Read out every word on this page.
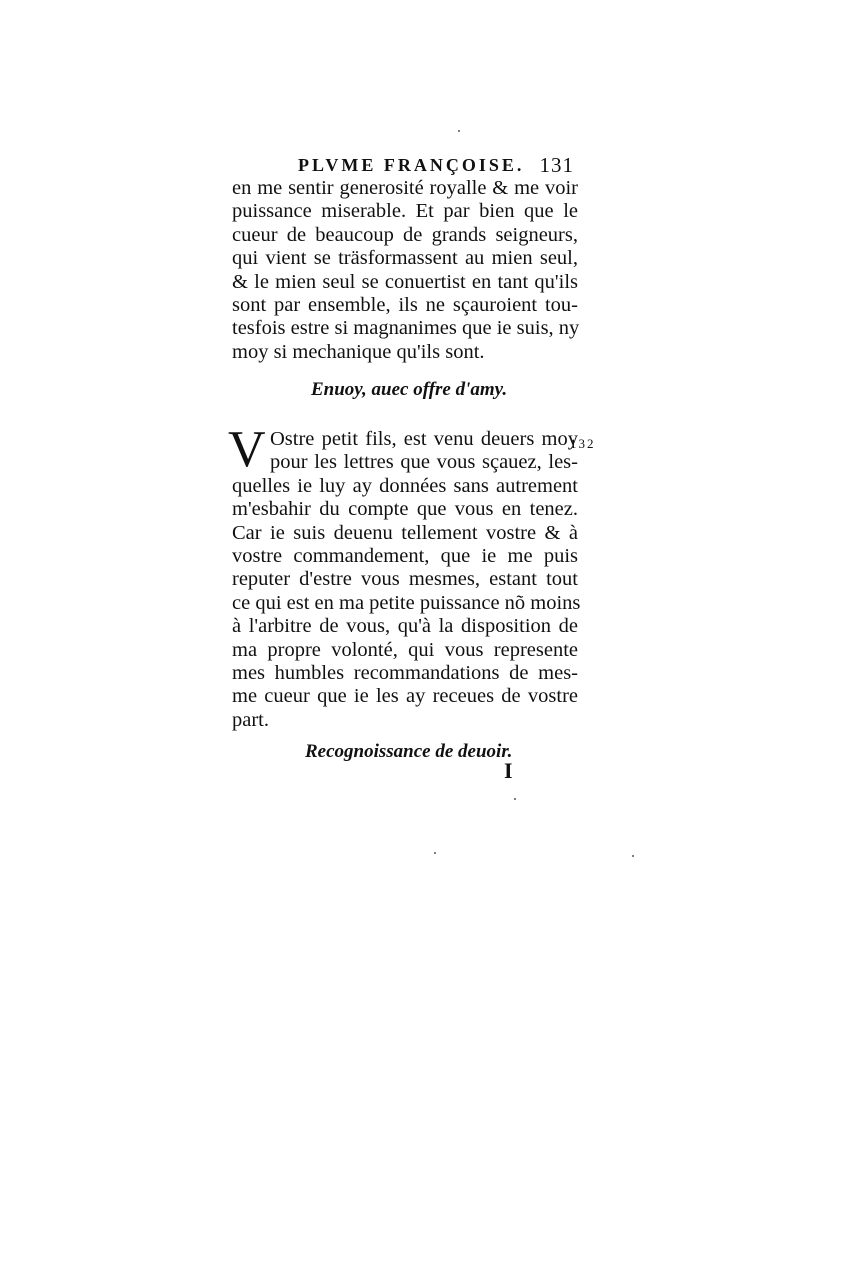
PLVME FRANÇOISE. 131
en me sentir generosité royalle & me voir
puissance miserable. Et par bien que le
cueur de beaucoup de grands seigneurs,
qui vient se träsformassent au mien seul,
& le mien seul se conuertist en tant qu'ils
sont par ensemble, ils ne sçauroient tou-
tesfois estre si magnanimes que ie suis, ny
moy si mechanique qu'ils sont.
Enuoy, auec offre d'amy.
V Ostre petit fils, est venu deuers moy
pour les lettres que vous sçauez, les-
quelles ie luy ay données sans autrement
m'esbahir du compte que vous en tenez.
Car ie suis deuenu tellement vostre & à
vostre commandement, que ie me puis
reputer d'estre vous mesmes, estant tout
ce qui est en ma petite puissance nõ moins
à l'arbitre de vous, qu'à la disposition de
ma propre volonté, qui vous represente
mes humbles recommandations de mes-
me cueur que ie les ay receues de vostre
part.
132
Recognoissance de deuoir.
I
